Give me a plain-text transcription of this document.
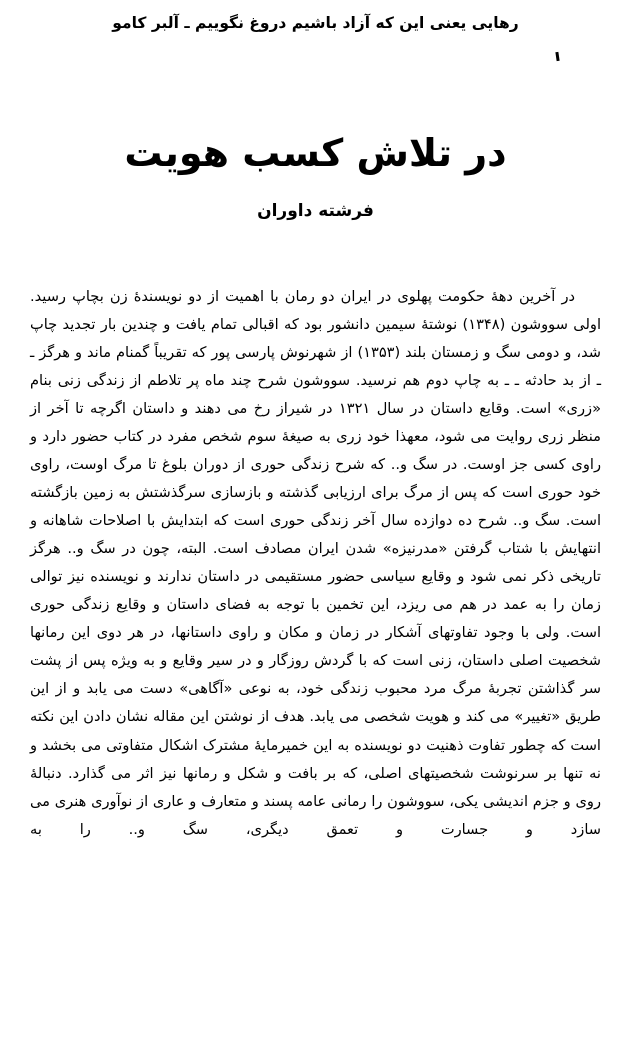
رهایی یعنی این که آزاد باشیم دروغ نگوییم ـ آلبر کامو
در تلاش کسب هویت
فرشته داوران

در آخرین دهۀ حکومت پهلوی در ایران دو رمان با اهمیت از دو نویسندۀ زن بچاپ رسید. اولی سووشون (۱۳۴۸) نوشتۀ سیمین دانشور بود که اقبالی تمام یافت و چندین بار تجدید چاپ شد، و دومی سگ و زمستان بلند (۱۳۵۳) از شهرنوش پارسی پور که تقریباً گمنام ماند و هرگز ـ ـ از بد حادثه ـ ـ به چاپ دوم هم نرسید. سووشون شرح چند ماه پر تلاطم از زندگی زنی بنام «زری» است. وقایع داستان در سال ۱۳۲۱ در شیراز رخ می دهند و داستان اگرچه تا آخر از منظر زری روایت می شود، معهذا خود زری به صیغۀ سوم شخص مفرد در کتاب حضور دارد و راوی کسی جز اوست. در سگ و.. که شرح زندگی حوری از دوران بلوغ تا مرگ اوست، راوی خود حوری است که پس از مرگ برای ارزیابی گذشته و بازسازی سرگذشتش به زمین بازگشته است. سگ و.. شرح ده دوازده سال آخر زندگی حوری است که ابتدایش با اصلاحات شاهانه و انتهایش با شتاب گرفتن «مدرنیزه» شدن ایران مصادف است. البته، چون در سگ و.. هرگز تاریخی ذکر نمی شود و وقایع سیاسی حضور مستقیمی در داستان ندارند و نویسنده نیز توالی زمان را به عمد در هم می ریزد، این تخمین با توجه به فضای داستان و وقایع زندگی حوری است. ولی با وجود تفاوتهای آشکار در زمان و مکان و راوی داستانها، در هر دوی این رمانها شخصیت اصلی داستان، زنی است که با گردش روزگار و در سیر وقایع و به ویژه پس از پشت سر گذاشتن تجربۀ مرگ مرد محبوب زندگی خود، به نوعی «آگاهی» دست می یابد و از این طریق «تغییر» می کند و هویت شخصی می یابد. هدف از نوشتن این مقاله نشان دادن این نکته است که چطور تفاوت ذهنیت دو نویسنده به این خمیرمایۀ مشترک اشکال متفاوتی می بخشد و نه تنها بر سرنوشت شخصیتهای اصلی، که بر بافت و شکل و رمانها نیز اثر می گذارد. دنبالۀ روی و جزم اندیشی یکی، سووشون را رمانی عامه پسند و متعارف و عاری از نوآوری هنری می سازد و جسارت و تعمق دیگری، سگ و.. را به
